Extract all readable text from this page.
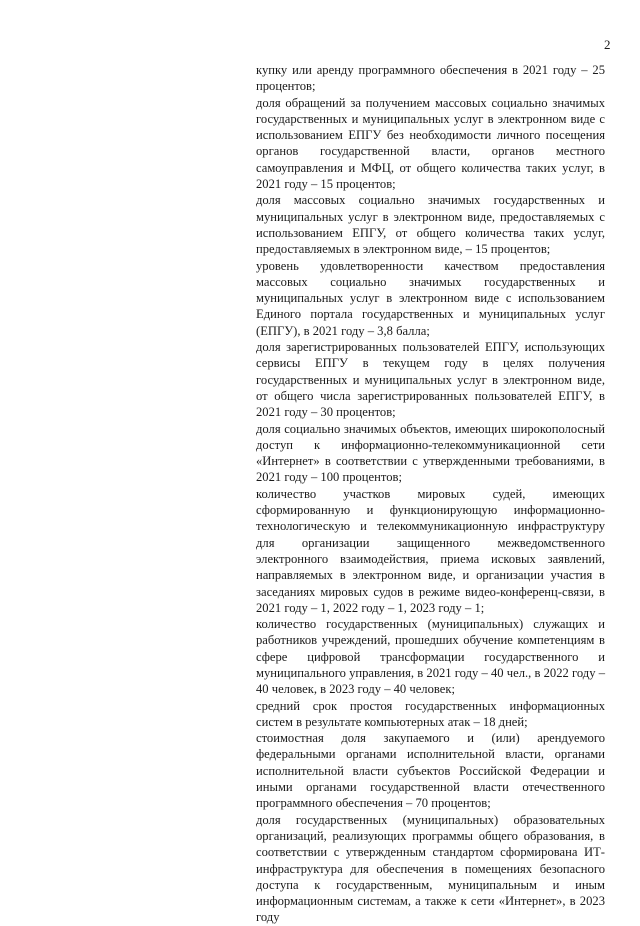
2

купку или аренду программного обеспечения в 2021 году – 25 процентов;

доля обращений за получением массовых социально значимых государственных и муниципальных услуг в электронном виде с использованием ЕПГУ без необходимости личного посещения органов государственной власти, органов местного самоуправления и МФЦ, от общего количества таких услуг, в 2021 году – 15 процентов;

доля массовых социально значимых государственных и муниципальных услуг в электронном виде, предоставляемых с использованием ЕПГУ, от общего количества таких услуг, предоставляемых в электронном виде, – 15 процентов;

уровень удовлетворенности качеством предоставления массовых социально значимых государственных и муниципальных услуг в электронном виде с использованием Единого портала государственных и муниципальных услуг (ЕПГУ), в 2021 году – 3,8 балла;

доля зарегистрированных пользователей ЕПГУ, использующих сервисы ЕПГУ в текущем году в целях получения государственных и муниципальных услуг в электронном виде, от общего числа зарегистрированных пользователей ЕПГУ, в 2021 году – 30 процентов;

доля социально значимых объектов, имеющих широкополосный доступ к информационно-телекоммуникационной сети «Интернет» в соответствии с утвержденными требованиями, в 2021 году – 100 процентов;

количество участков мировых судей, имеющих сформированную и функционирующую информационно-технологическую и телекоммуникационную инфраструктуру для организации защищенного межведомственного электронного взаимодействия, приема исковых заявлений, направляемых в электронном виде, и организации участия в заседаниях мировых судов в режиме видео-конференц-связи, в 2021 году – 1, 2022 году – 1, 2023 году – 1;

количество государственных (муниципальных) служащих и работников учреждений, прошедших обучение компетенциям в сфере цифровой трансформации государственного и муниципального управления, в 2021 году – 40 чел., в 2022 году – 40 человек, в 2023 году – 40 человек;

средний срок простоя государственных информационных систем в результате компьютерных атак – 18 дней;

стоимостная доля закупаемого и (или) арендуемого федеральными органами исполнительной власти, органами исполнительной власти субъектов Российской Федерации и иными органами государственной власти отечественного программного обеспечения – 70 процентов;

доля государственных (муниципальных) образовательных организаций, реализующих программы общего образования, в соответствии с утвержденным стандартом сформирована ИТ-инфраструктура для обеспечения в помещениях безопасного доступа к государственным, муниципальным и иным информационным системам, а также к сети «Интернет», в 2023 году
